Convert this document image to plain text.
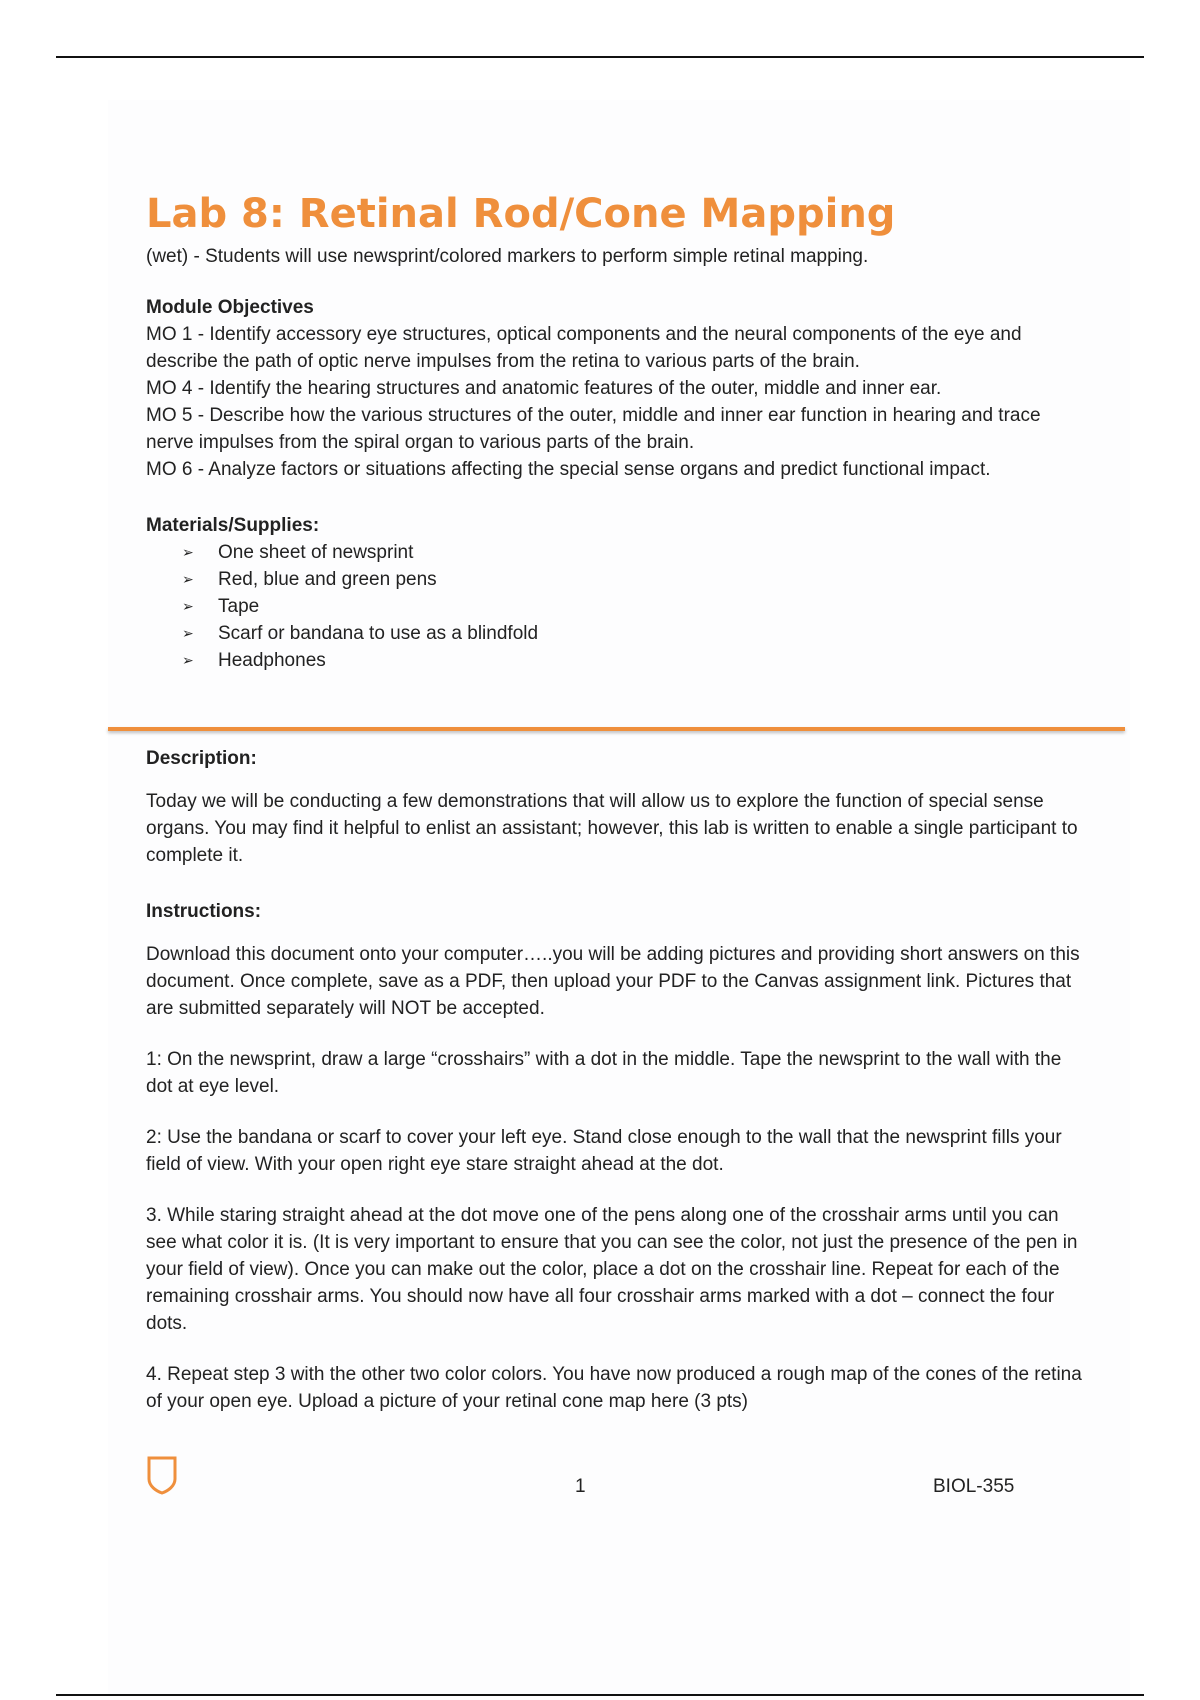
Lab 8: Retinal Rod/Cone Mapping
(wet) - Students will use newsprint/colored markers to perform simple retinal mapping.

Module Objectives

MO 1 - Identify accessory eye structures, optical components and the neural components of the eye and describe the path of optic nerve impulses from the retina to various parts of the brain.

MO 4 - Identify the hearing structures and anatomic features of the outer, middle and inner ear.

MO 5 - Describe how the various structures of the outer, middle and inner ear function in hearing and trace nerve impulses from the spiral organ to various parts of the brain.

MO 6 - Analyze factors or situations affecting the special sense organs and predict functional impact.

Materials/Supplies:

➢ One sheet of newsprint
➢ Red, blue and green pens
➢ Tape
➢ Scarf or bandana to use as a blindfold
➢ Headphones

Description:

Today we will be conducting a few demonstrations that will allow us to explore the function of special sense organs. You may find it helpful to enlist an assistant; however, this lab is written to enable a single participant to complete it.

Instructions:

Download this document onto your computer…..you will be adding pictures and providing short answers on this document. Once complete, save as a PDF, then upload your PDF to the Canvas assignment link. Pictures that are submitted separately will NOT be accepted.

1: On the newsprint, draw a large “crosshairs” with a dot in the middle. Tape the newsprint to the wall with the dot at eye level.

2: Use the bandana or scarf to cover your left eye. Stand close enough to the wall that the newsprint fills your field of view. With your open right eye stare straight ahead at the dot.

3. While staring straight ahead at the dot move one of the pens along one of the crosshair arms until you can see what color it is. (It is very important to ensure that you can see the color, not just the presence of the pen in your field of view). Once you can make out the color, place a dot on the crosshair line. Repeat for each of the remaining crosshair arms. You should now have all four crosshair arms marked with a dot – connect the four dots.

4. Repeat step 3 with the other two color colors. You have now produced a rough map of the cones of the retina of your open eye. Upload a picture of your retinal cone map here (3 pts)

1	BIOL-355
